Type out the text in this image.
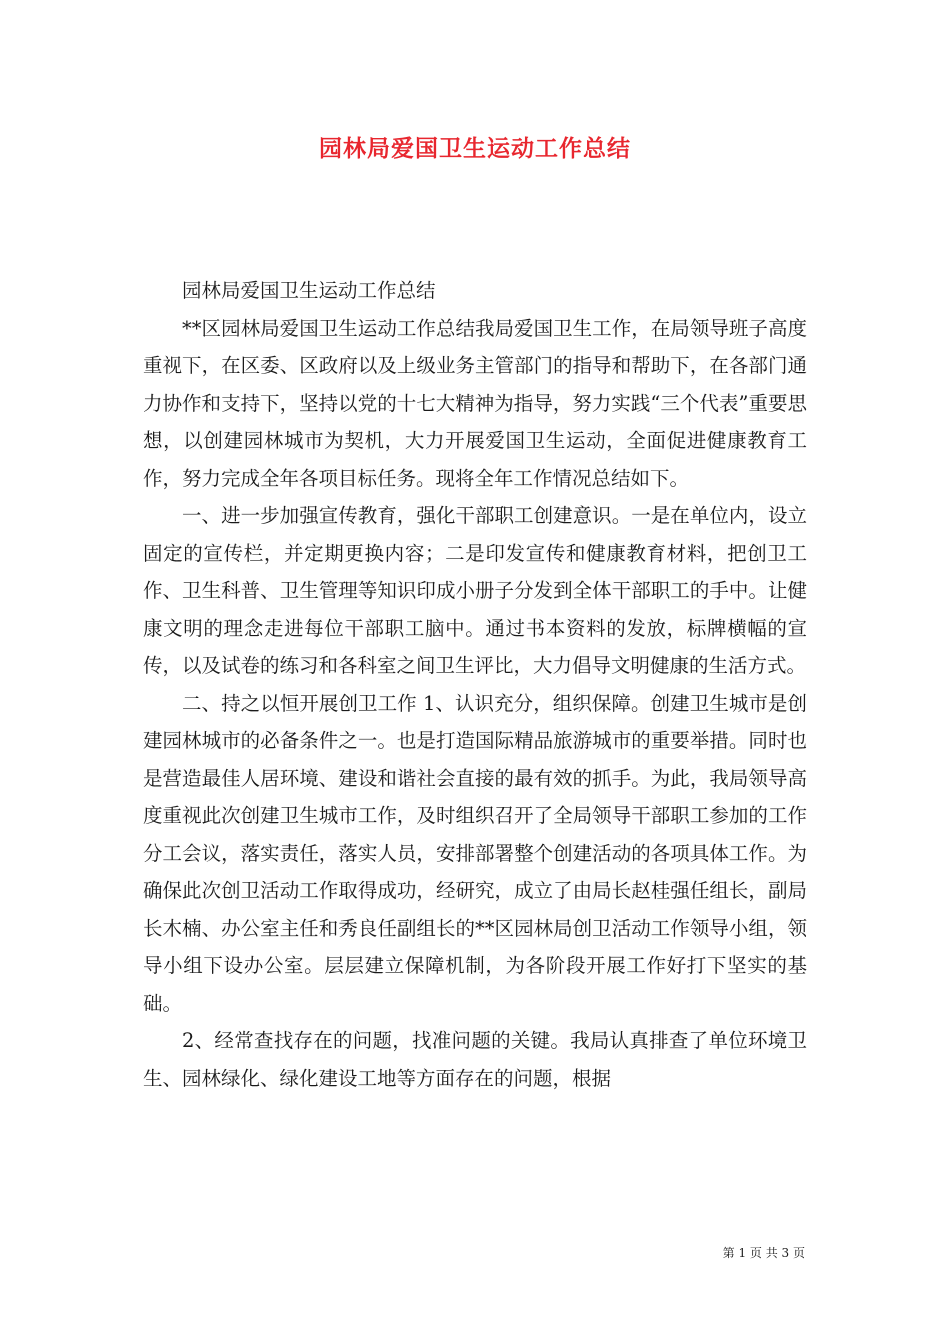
园林局爱国卫生运动工作总结

园林局爱国卫生运动工作总结

**区园林局爱国卫生运动工作总结我局爱国卫生工作，在局领导班子高度重视下，在区委、区政府以及上级业务主管部门的指导和帮助下，在各部门通力协作和支持下，坚持以党的十七大精神为指导，努力实践“三个代表”重要思想，以创建园林城市为契机，大力开展爱国卫生运动，全面促进健康教育工作，努力完成全年各项目标任务。现将全年工作情况总结如下。

一、进一步加强宣传教育，强化干部职工创建意识。一是在单位内，设立固定的宣传栏，并定期更换内容；二是印发宣传和健康教育材料，把创卫工作、卫生科普、卫生管理等知识印成小册子分发到全体干部职工的手中。让健康文明的理念走进每位干部职工脑中。通过书本资料的发放，标牌横幅的宣传，以及试卷的练习和各科室之间卫生评比，大力倡导文明健康的生活方式。

二、持之以恒开展创卫工作 1、认识充分，组织保障。创建卫生城市是创建园林城市的必备条件之一。也是打造国际精品旅游城市的重要举措。同时也是营造最佳人居环境、建设和谐社会直接的最有效的抓手。为此，我局领导高度重视此次创建卫生城市工作，及时组织召开了全局领导干部职工参加的工作分工会议，落实责任，落实人员，安排部署整个创建活动的各项具体工作。为确保此次创卫活动工作取得成功，经研究，成立了由局长赵桂强任组长，副局长木楠、办公室主任和秀良任副组长的**区园林局创卫活动工作领导小组，领导小组下设办公室。层层建立保障机制，为各阶段开展工作好打下坚实的基础。

2、经常查找存在的问题，找准问题的关键。我局认真排查了单位环境卫生、园林绿化、绿化建设工地等方面存在的问题，根据

第 1 页 共 3 页
